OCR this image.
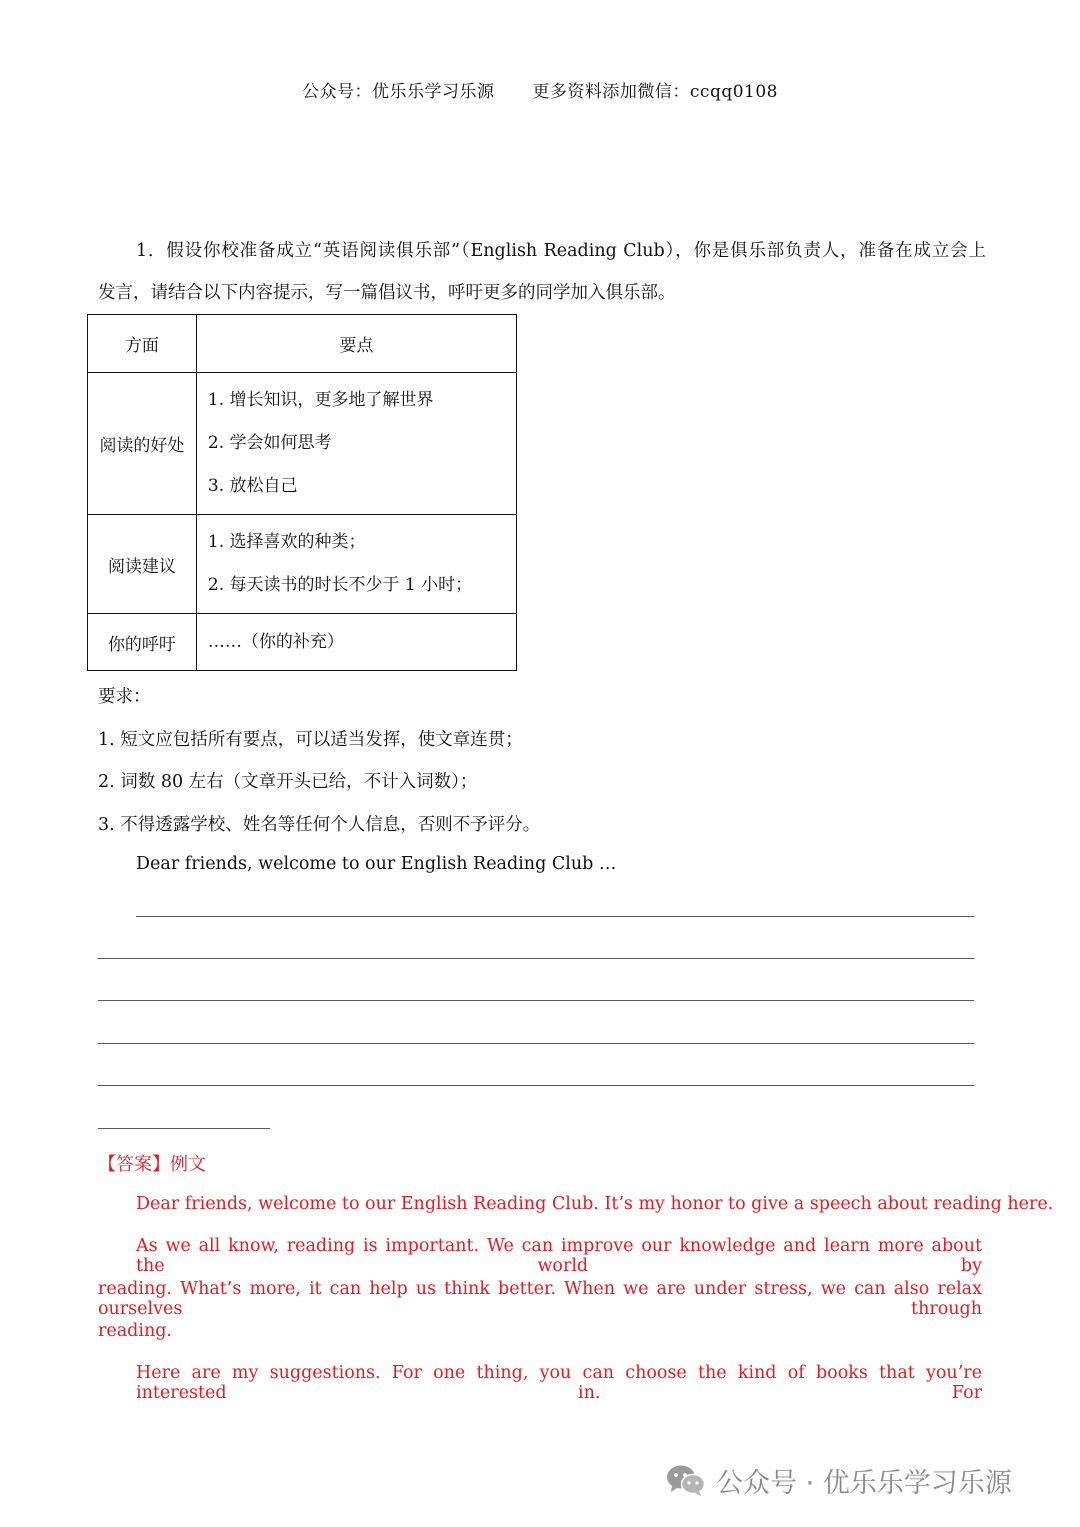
公众号：优乐乐学习乐源 更多资料添加微信：ccqq0108
1．假设你校准备成立“英语阅读俱乐部”（English Reading Club），你是俱乐部负责人，准备在成立会上
发言，请结合以下内容提示，写一篇倡议书，呼吁更多的同学加入俱乐部。
方面	要点
阅读的好处	1. 增长知识，更多地了解世界
2. 学会如何思考
3. 放松自己

阅读建议	1. 选择喜欢的种类；
2. 每天读书的时长不少于 1 小时；

你的呼吁	……（你的补充）
要求：
1. 短文应包括所有要点，可以适当发挥，使文章连贯；
2. 词数 80 左右（文章开头已给，不计入词数）；
3. 不得透露学校、姓名等任何个人信息，否则不予评分。
Dear friends, welcome to our English Reading Club …
【答案】例文
Dear friends, welcome to our English Reading Club. It’s my honor to give a speech about reading here.
As we all know, reading is important. We can improve our knowledge and learn more about the world by
reading. What’s more, it can help us think better. When we are under stress, we can also relax ourselves through
reading.
Here are my suggestions. For one thing, you can choose the kind of books that you’re interested in. For
公众号 · 优乐乐学习乐源
